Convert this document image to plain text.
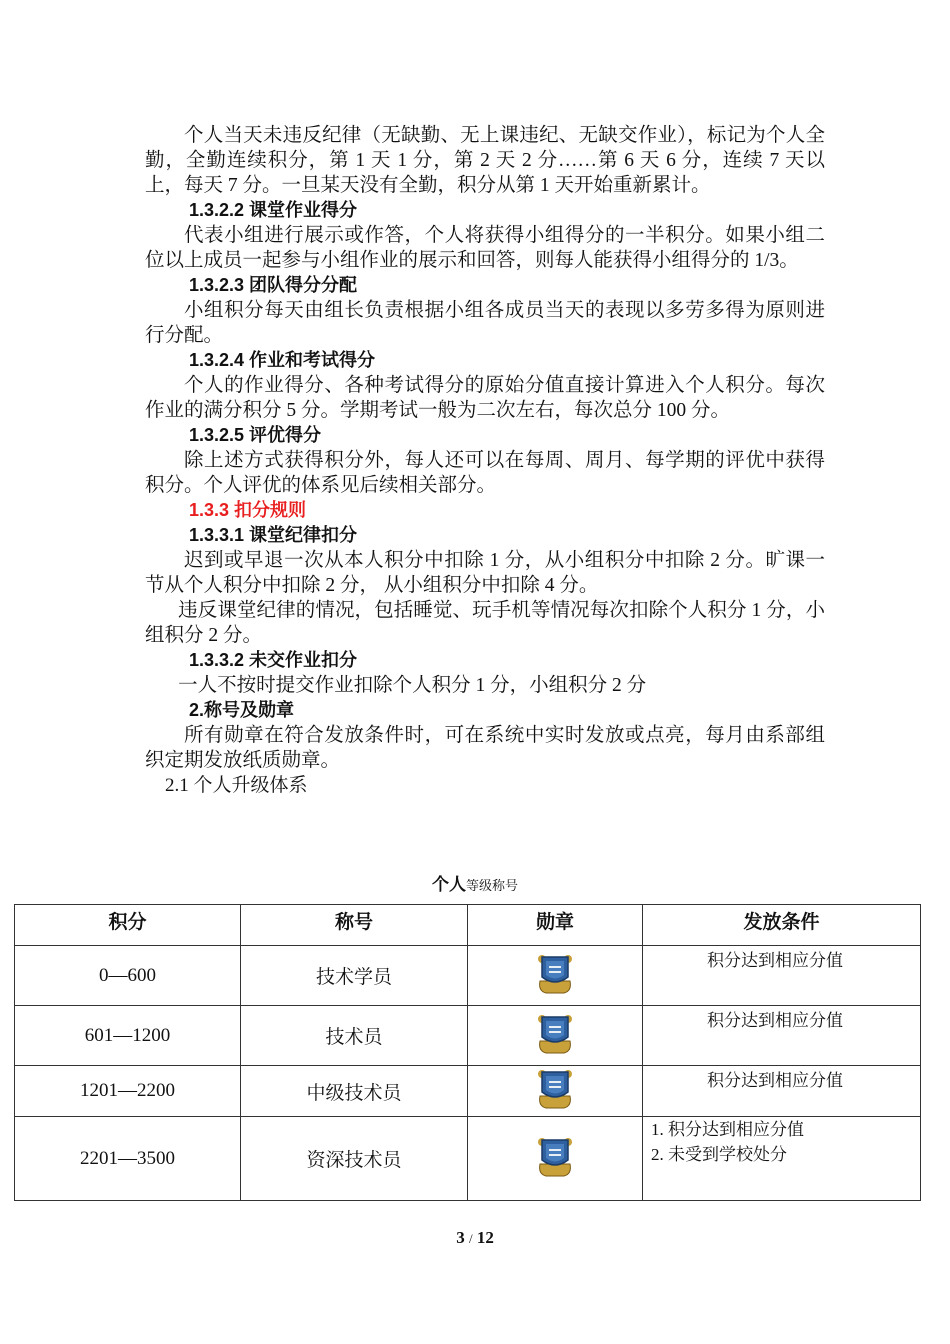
个人当天未违反纪律（无缺勤、无上课违纪、无缺交作业），标记为个人全勤，全勤连续积分，第 1 天 1 分，第 2 天 2 分……第 6 天 6 分，连续 7 天以上，每天 7 分。一旦某天没有全勤，积分从第 1 天开始重新累计。

1.3.2.2 课堂作业得分

代表小组进行展示或作答，个人将获得小组得分的一半积分。如果小组二位以上成员一起参与小组作业的展示和回答，则每人能获得小组得分的 1/3。

1.3.2.3 团队得分分配

小组积分每天由组长负责根据小组各成员当天的表现以多劳多得为原则进行分配。

1.3.2.4 作业和考试得分

个人的作业得分、各种考试得分的原始分值直接计算进入个人积分。每次作业的满分积分 5 分。学期考试一般为二次左右，每次总分 100 分。

1.3.2.5 评优得分

除上述方式获得积分外，每人还可以在每周、周月、每学期的评优中获得积分。个人评优的体系见后续相关部分。

1.3.3 扣分规则

1.3.3.1 课堂纪律扣分

迟到或早退一次从本人积分中扣除 1 分，从小组积分中扣除 2 分。旷课一节从个人积分中扣除 2 分， 从小组积分中扣除 4 分。

违反课堂纪律的情况，包括睡觉、玩手机等情况每次扣除个人积分 1 分，小组积分 2 分。

1.3.3.2 未交作业扣分

一人不按时提交作业扣除个人积分 1 分，小组积分 2 分

2.称号及勋章

所有勋章在符合发放条件时，可在系统中实时发放或点亮，每月由系部组织定期发放纸质勋章。

2.1 个人升级体系

个人等级称号
积分	称号	勋章	发放条件
0—600	技术学员		积分达到相应分值
601—1200	技术员		积分达到相应分值
1201—2200	中级技术员		积分达到相应分值
2201—3500	资深技术员		1. 积分达到相应分值
2. 未受到学校处分
3 / 12
